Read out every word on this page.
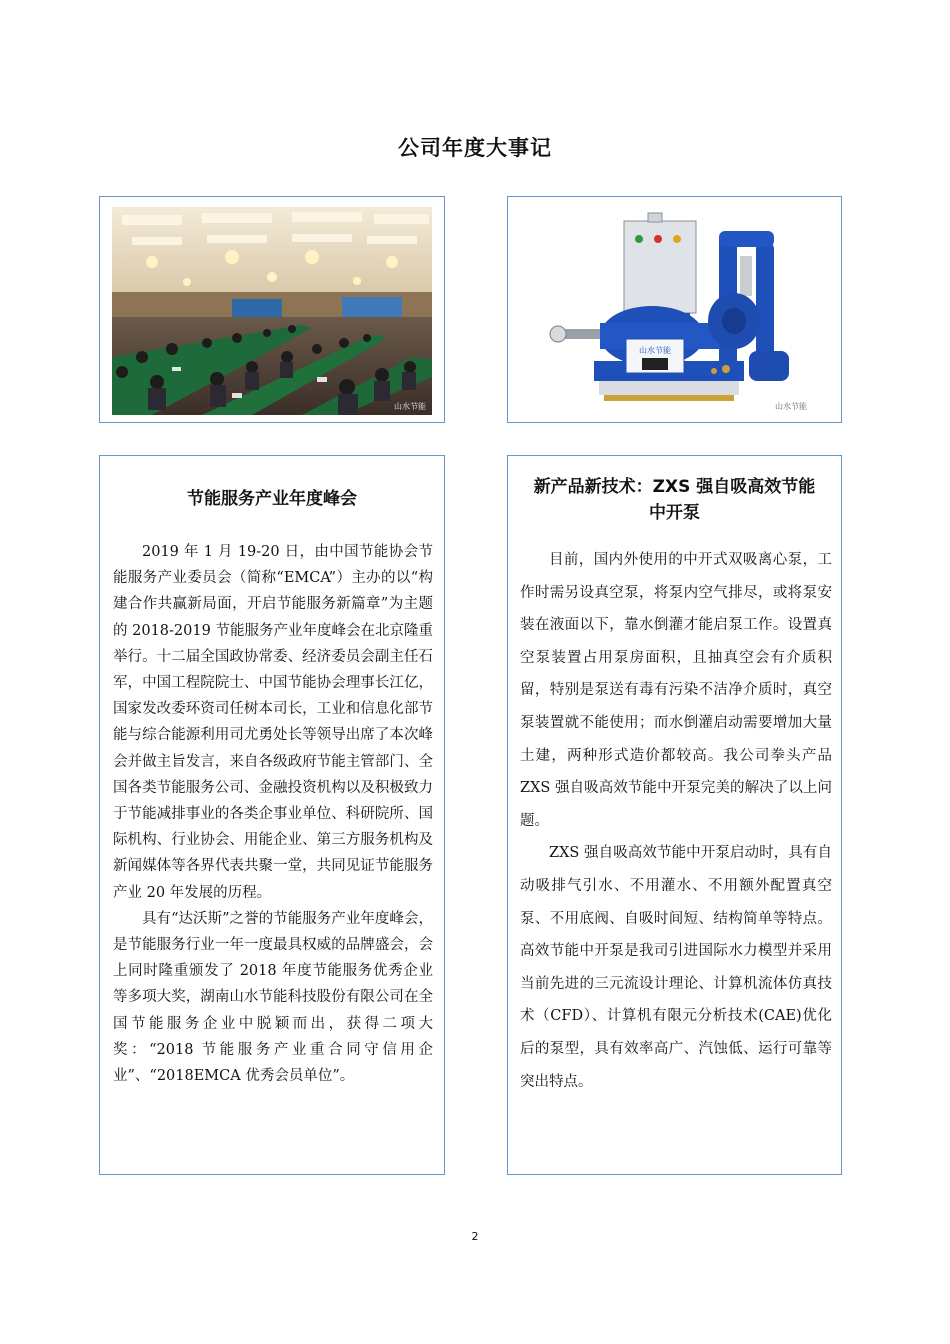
公司年度大事记
山水节能
山水节能
山水节能
节能服务产业年度峰会

2019 年 1 月 19-20 日，由中国节能协会节能服务产业委员会（简称“EMCA”）主办的以“构建合作共赢新局面，开启节能服务新篇章”为主题的 2018-2019 节能服务产业年度峰会在北京隆重举行。十二届全国政协常委、经济委员会副主任石军，中国工程院院士、中国节能协会理事长江亿，国家发改委环资司任树本司长，工业和信息化部节能与综合能源利用司尤勇处长等领导出席了本次峰会并做主旨发言，来自各级政府节能主管部门、全国各类节能服务公司、金融投资机构以及积极致力于节能减排事业的各类企事业单位、科研院所、国际机构、行业协会、用能企业、第三方服务机构及新闻媒体等各界代表共聚一堂，共同见证节能服务产业 20 年发展的历程。

具有“达沃斯”之誉的节能服务产业年度峰会，是节能服务行业一年一度最具权威的品牌盛会，会上同时隆重颁发了 2018 年度节能服务优秀企业等多项大奖，湖南山水节能科技股份有限公司在全国节能服务企业中脱颖而出，获得二项大奖：“2018 节能服务产业重合同守信用企业”、“2018EMCA 优秀会员单位”。

新产品新技术：ZXS 强自吸高效节能
中开泵

目前，国内外使用的中开式双吸离心泵，工作时需另设真空泵，将泵内空气排尽，或将泵安装在液面以下，靠水倒灌才能启泵工作。设置真空泵装置占用泵房面积，且抽真空会有介质积留，特别是泵送有毒有污染不洁净介质时，真空泵装置就不能使用；而水倒灌启动需要增加大量土建，两种形式造价都较高。我公司拳头产品 ZXS 强自吸高效节能中开泵完美的解决了以上问题。

ZXS 强自吸高效节能中开泵启动时，具有自动吸排气引水、不用灌水、不用额外配置真空泵、不用底阀、自吸时间短、结构简单等特点。高效节能中开泵是我司引进国际水力模型并采用当前先进的三元流设计理论、计算机流体仿真技术（CFD）、计算机有限元分析技术(CAE)优化后的泵型，具有效率高广、汽蚀低、运行可靠等突出特点。

2
